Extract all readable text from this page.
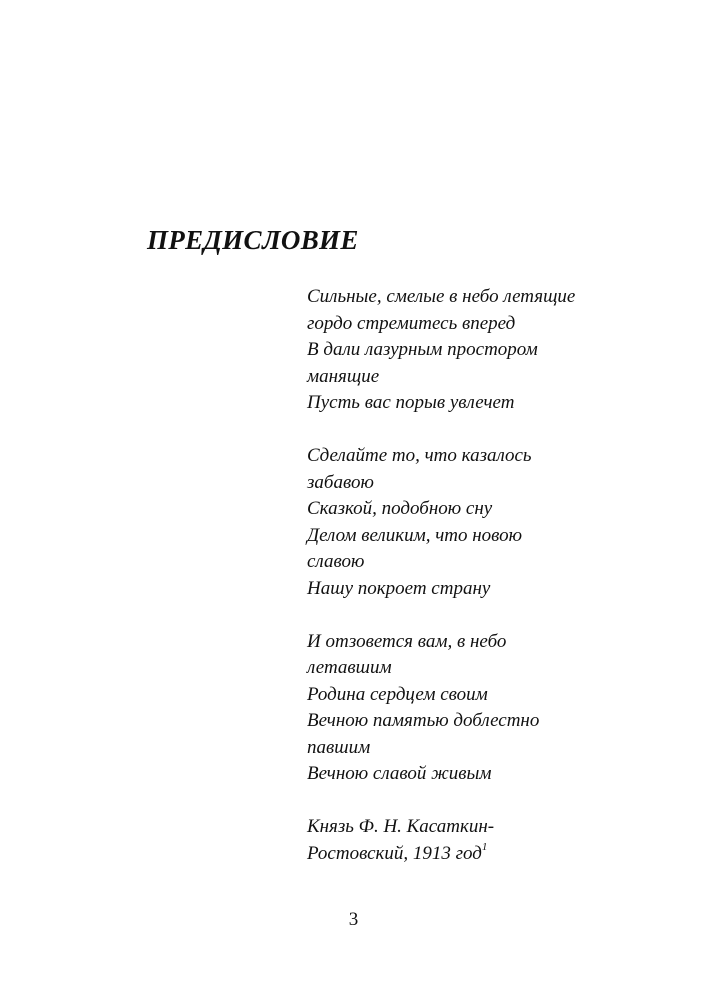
ПРЕДИСЛОВИЕ

Сильные, смелые в небо летящие
гордо стремитесь вперед
В дали лазурным простором
манящие
Пусть вас порыв увлечет

Сделайте то, что казалось
забавою
Сказкой, подобною сну
Делом великим, что новою
славою
Нашу покроет страну

И отзовется вам, в небо
летавшим
Родина сердцем своим
Вечною памятью доблестно
павшим
Вечною славой живым

Князь Ф. Н. Касаткин-
Ростовский, 1913 год$^1$

3
